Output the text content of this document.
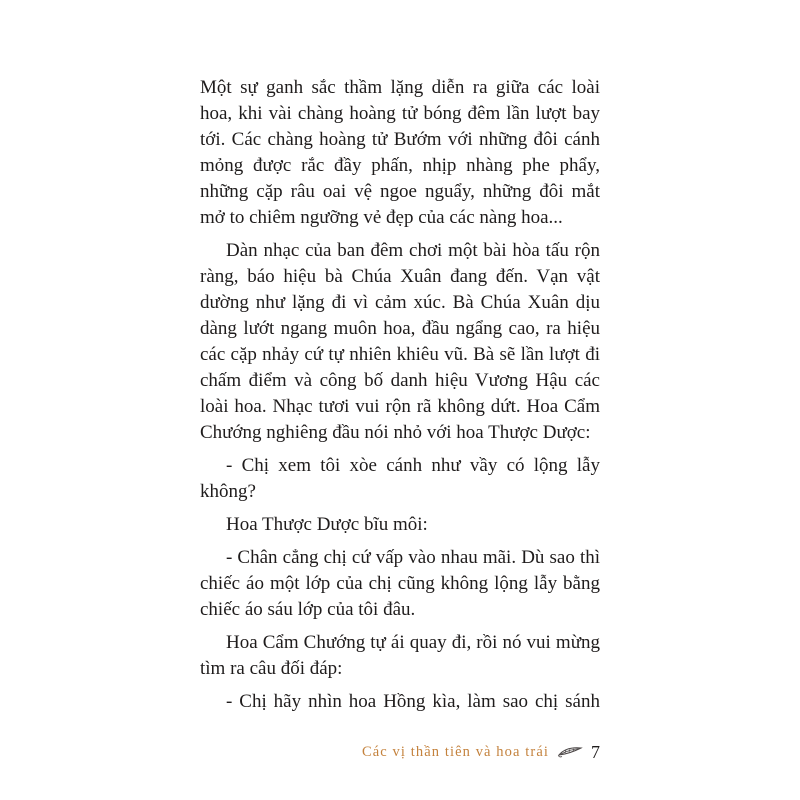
Một sự ganh sắc thầm lặng diễn ra giữa các loài
hoa, khi vài chàng hoàng tử bóng đêm lần lượt bay
tới. Các chàng hoàng tử Bướm với những đôi cánh
mỏng được rắc đầy phấn, nhịp nhàng phe phẩy,
những cặp râu oai vệ ngoe nguẩy, những đôi mắt
mở to chiêm ngưỡng vẻ đẹp của các nàng hoa...
Dàn nhạc của ban đêm chơi một bài hòa tấu rộn
ràng, báo hiệu bà Chúa Xuân đang đến. Vạn vật
dường như lặng đi vì cảm xúc. Bà Chúa Xuân dịu
dàng lướt ngang muôn hoa, đầu ngẩng cao, ra hiệu
các cặp nhảy cứ tự nhiên khiêu vũ. Bà sẽ lần lượt đi
chấm điểm và công bố danh hiệu Vương Hậu các
loài hoa. Nhạc tươi vui rộn rã không dứt. Hoa Cẩm
Chướng nghiêng đầu nói nhỏ với hoa Thược Dược:
- Chị xem tôi xòe cánh như vầy có lộng lẫy
không?
Hoa Thược Dược bĩu môi:
- Chân cẳng chị cứ vấp vào nhau mãi. Dù sao thì
chiếc áo một lớp của chị cũng không lộng lẫy bằng
chiếc áo sáu lớp của tôi đâu.
Hoa Cẩm Chướng tự ái quay đi, rồi nó vui mừng
tìm ra câu đối đáp:
- Chị hãy nhìn hoa Hồng kìa, làm sao chị sánh
Các vị thần tiên và hoa trái 7
